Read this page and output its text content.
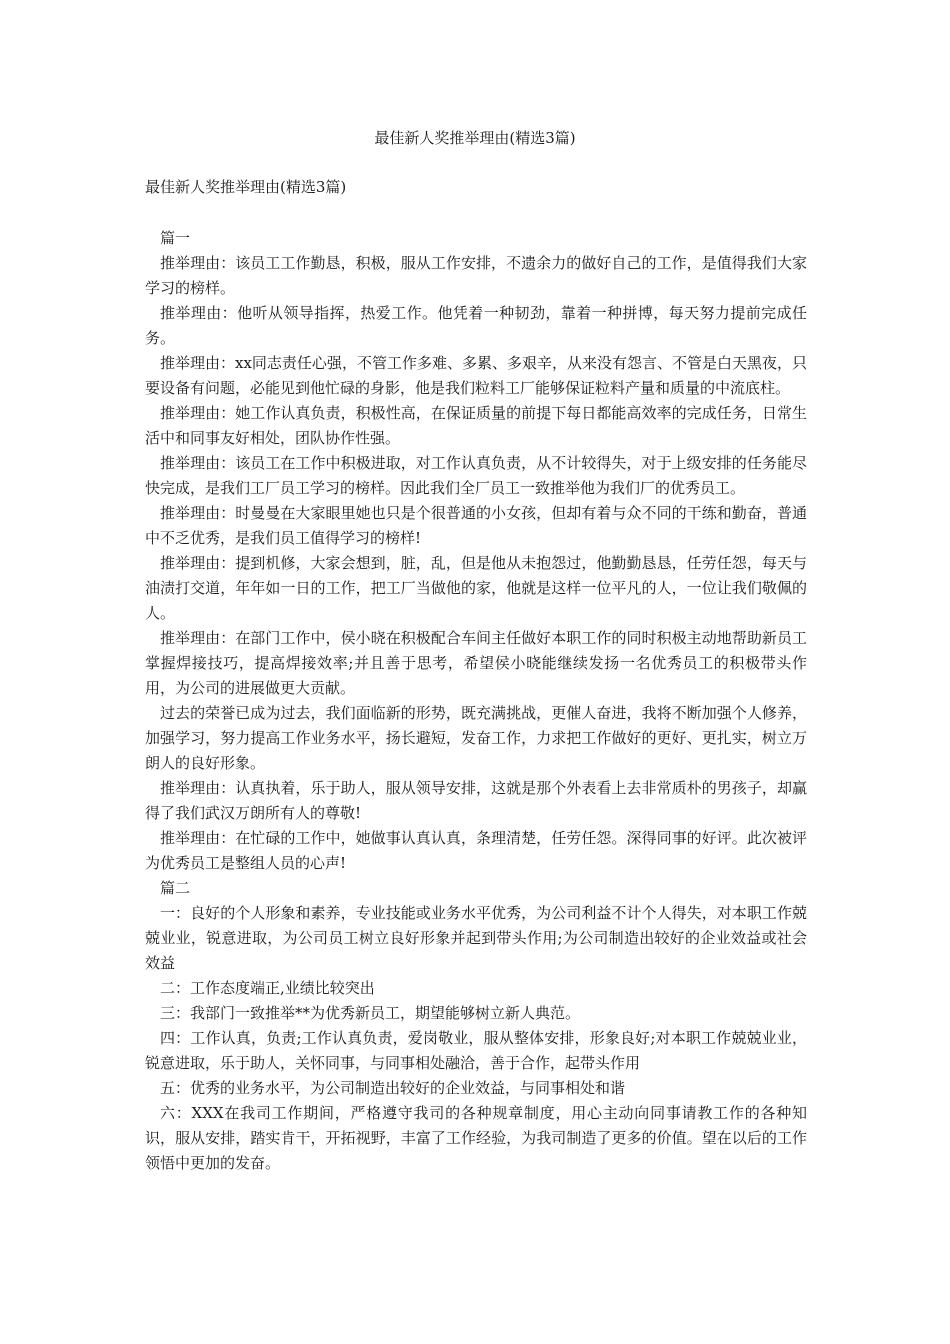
最佳新人奖推举理由(精选3篇)
最佳新人奖推举理由(精选3篇)

篇一

推举理由：该员工工作勤恳，积极，服从工作安排，不遗余力的做好自己的工作，是值得我们大家学习的榜样。

推举理由：他听从领导指挥，热爱工作。他凭着一种韧劲，靠着一种拼博，每天努力提前完成任务。

推举理由：xx同志责任心强，不管工作多难、多累、多艰辛，从来没有怨言、不管是白天黑夜，只要设备有问题，必能见到他忙碌的身影，他是我们粒料工厂能够保证粒料产量和质量的中流底柱。

推举理由：她工作认真负责，积极性高，在保证质量的前提下每日都能高效率的完成任务，日常生活中和同事友好相处，团队协作性强。

推举理由：该员工在工作中积极进取，对工作认真负责，从不计较得失，对于上级安排的任务能尽快完成，是我们工厂员工学习的榜样。因此我们全厂员工一致推举他为我们厂的优秀员工。

推举理由：时曼曼在大家眼里她也只是个很普通的小女孩，但却有着与众不同的干练和勤奋，普通中不乏优秀，是我们员工值得学习的榜样!

推举理由：提到机修，大家会想到，脏，乱，但是他从未抱怨过，他勤勤恳恳，任劳任怨，每天与油渍打交道，年年如一日的工作，把工厂当做他的家，他就是这样一位平凡的人，一位让我们敬佩的人。

推举理由：在部门工作中，侯小晓在积极配合车间主任做好本职工作的同时积极主动地帮助新员工掌握焊接技巧，提高焊接效率;并且善于思考，希望侯小晓能继续发扬一名优秀员工的积极带头作用，为公司的进展做更大贡献。

过去的荣誉已成为过去，我们面临新的形势，既充满挑战，更催人奋进，我将不断加强个人修养，加强学习，努力提高工作业务水平，扬长避短，发奋工作，力求把工作做好的更好、更扎实，树立万朗人的良好形象。

推举理由：认真执着，乐于助人，服从领导安排，这就是那个外表看上去非常质朴的男孩子，却赢得了我们武汉万朗所有人的尊敬!

推举理由：在忙碌的工作中，她做事认真认真，条理清楚，任劳任怨。深得同事的好评。此次被评为优秀员工是整组人员的心声!

篇二

一：良好的个人形象和素养，专业技能或业务水平优秀，为公司利益不计个人得失，对本职工作兢兢业业，锐意进取，为公司员工树立良好形象并起到带头作用;为公司制造出较好的企业效益或社会效益

二：工作态度端正,业绩比较突出

三：我部门一致推举**为优秀新员工，期望能够树立新人典范。

四：工作认真，负责;工作认真负责，爱岗敬业，服从整体安排，形象良好;对本职工作兢兢业业，锐意进取，乐于助人，关怀同事，与同事相处融洽，善于合作，起带头作用

五：优秀的业务水平，为公司制造出较好的企业效益，与同事相处和谐

六：XXX在我司工作期间，严格遵守我司的各种规章制度，用心主动向同事请教工作的各种知识，服从安排，踏实肯干，开拓视野，丰富了工作经验，为我司制造了更多的价值。望在以后的工作领悟中更加的发奋。
